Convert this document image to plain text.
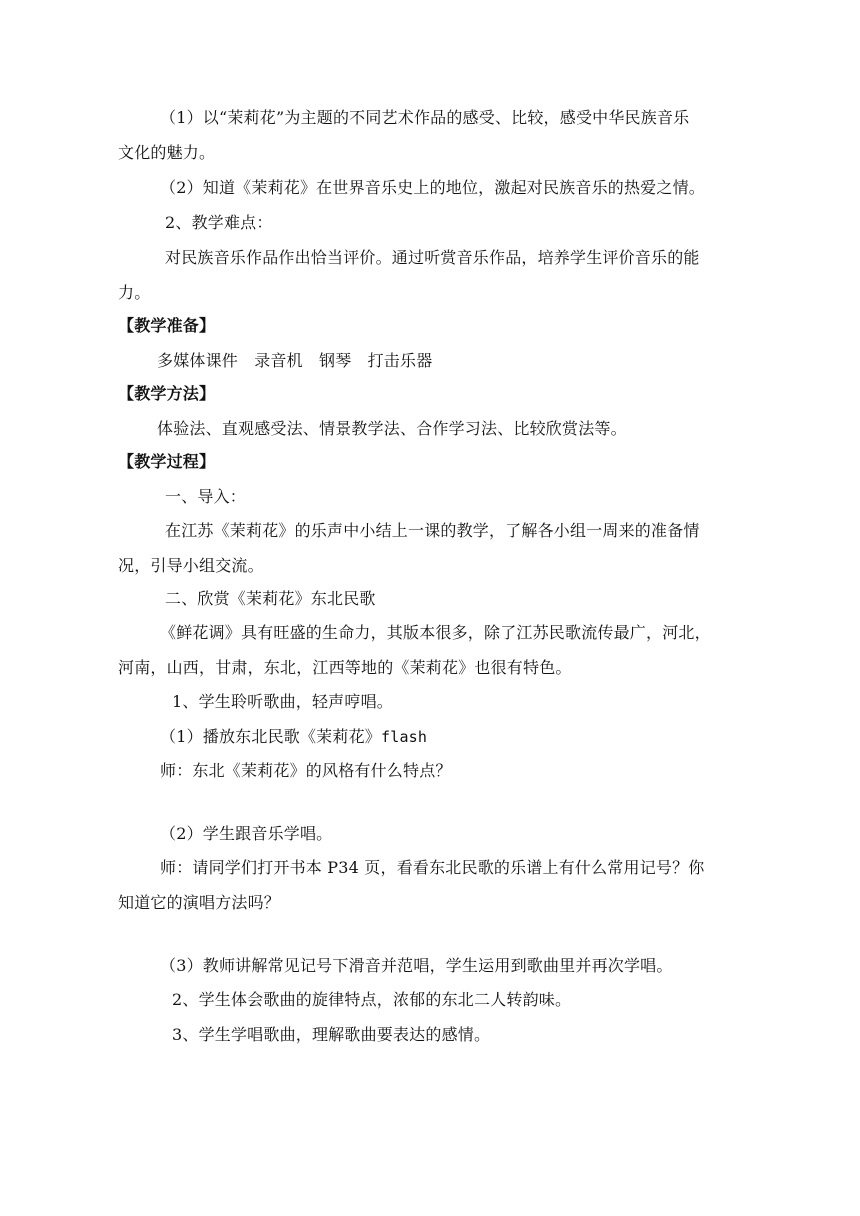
（1）以“茉莉花”为主题的不同艺术作品的感受、比较，感受中华民族音乐
文化的魅力。
（2）知道《茉莉花》在世界音乐史上的地位，激起对民族音乐的热爱之情。
2、教学难点：
对民族音乐作品作出恰当评价。通过听赏音乐作品，培养学生评价音乐的能
力。
【教学准备】
多媒体课件　录音机　钢琴　打击乐器
【教学方法】
体验法、直观感受法、情景教学法、合作学习法、比较欣赏法等。
【教学过程】
一、导入：
在江苏《茉莉花》的乐声中小结上一课的教学，了解各小组一周来的准备情
况，引导小组交流。
二、欣赏《茉莉花》东北民歌
《鲜花调》具有旺盛的生命力，其版本很多，除了江苏民歌流传最广，河北，
河南，山西，甘肃，东北，江西等地的《茉莉花》也很有特色。
1、学生聆听歌曲，轻声哼唱。
（1）播放东北民歌《茉莉花》flash
师：东北《茉莉花》的风格有什么特点？
（2）学生跟音乐学唱。
师：请同学们打开书本 P34 页，看看东北民歌的乐谱上有什么常用记号？你
知道它的演唱方法吗？
（3）教师讲解常见记号下滑音并范唱，学生运用到歌曲里并再次学唱。
2、学生体会歌曲的旋律特点，浓郁的东北二人转韵味。
3、学生学唱歌曲，理解歌曲要表达的感情。
